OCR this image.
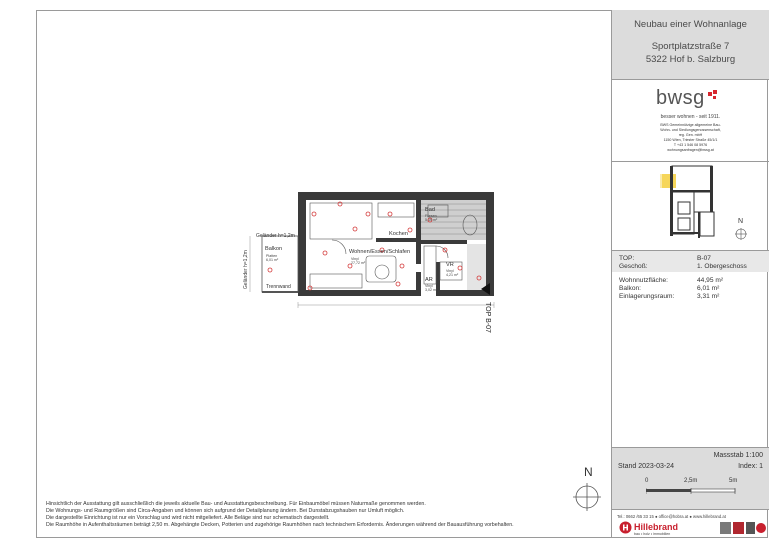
Geländer h=1,2m
Geländer h=1,2m
Balkon
Platten
6,01 m²
Trennwand
Kochen
Vinyl
Wohnen/Essen/Schlafen
Vinyl
27,72 m²
Bad
Fliesen
5,19 m²
VR
Vinyl
4,21 m²
AR
Vinyl
3,02 m²
TOP B-07
N
Hinsichtlich der Ausstattung gilt ausschließlich die jeweils aktuelle Bau- und Ausstattungsbeschreibung. Für Einbaumöbel müssen Naturmaße genommen werden.
Die Wohnungs- und Raumgrößen sind Circa-Angaben und können sich aufgrund der Detailplanung ändern. Bei Dunstabzugshauben nur Umluft möglich.
Die dargestellte Einrichtung ist nur ein Vorschlag und wird nicht mitgeliefert. Alle Beläge sind nur schematisch dargestellt.
Die Raumhöhe in Aufenthaltsräumen beträgt 2,50 m. Abgehängte Decken, Potterien und zugehörige Raumhöhen nach technischem Erfordernis. Änderungen während der Bauausführung vorbehalten.
Neubau einer Wohnanlage
Sportplatzstraße 7
5322 Hof b. Salzburg
bwsg
besser wohnen - seit 1911.
BWS Gemeinnützige allgemeine Bau-
Wohn- und Siedlungsgenossenschaft,
reg. Gen. mbH
1150 Wien, Triester Straße 45/1/1
T +43 1 546 08 5976
wohnungsanfragen@bwsg.at
N
TOP:	B-07
Geschoß:	1. Obergeschoss
Wohnnutzfläche:	44,95 m²
Balkon:	6,01 m²
Einlagerungsraum:	3,31 m²
Massstab 1:100
Stand 2023-03-24	Index: 1
0	2,5m	5m
Tel.: 0662 /65 33 15 ● office@hobra.at ● www.hillebrand.at
Hillebrand
bau • holz • immobilien
